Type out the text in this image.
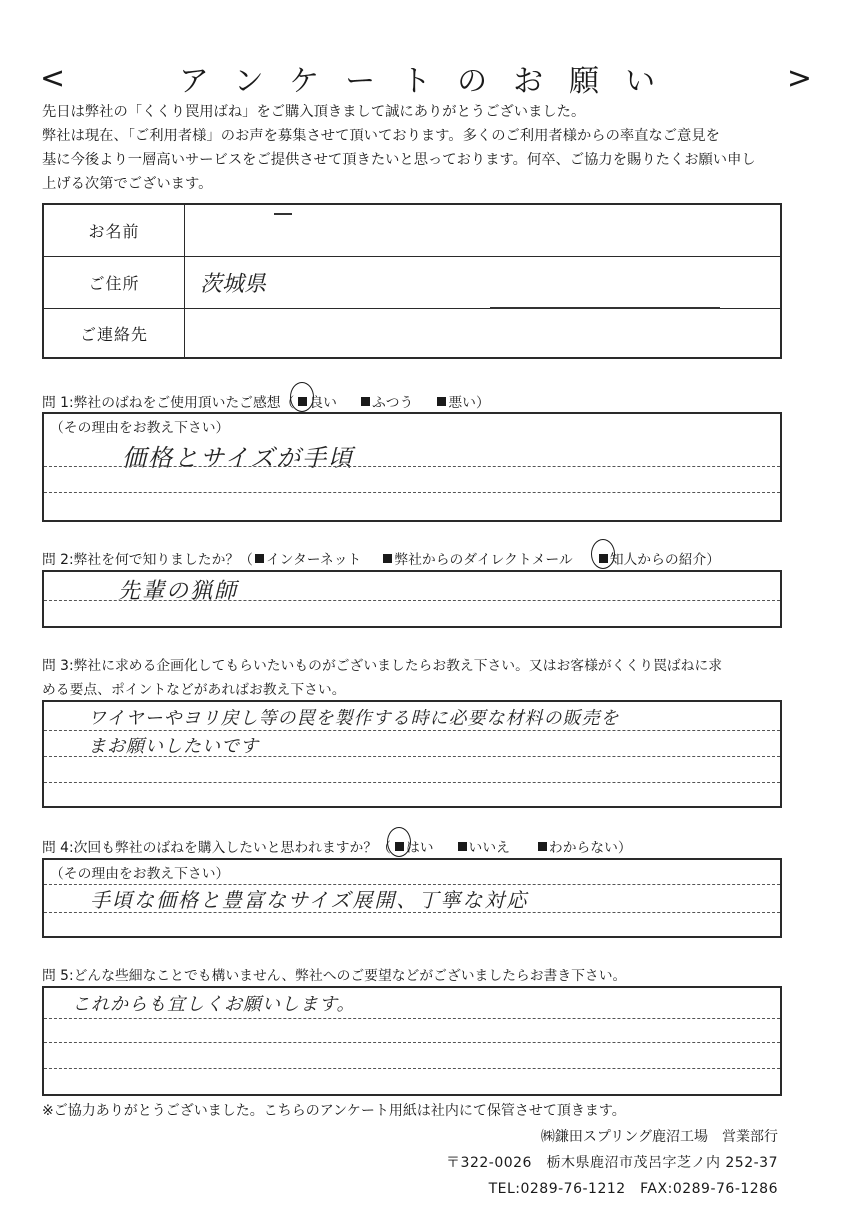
<	アンケートのお願い	>
先日は弊社の「くくり罠用ばね」をご購入頂きまして誠にありがとうございました。
弊社は現在、「ご利用者様」のお声を募集させて頂いております。多くのご利用者様からの率直なご意見を
基に今後より一層高いサービスをご提供させて頂きたいと思っております。何卒、ご協力を賜りたくお願い申し
上げる次第でございます。
お名前
ご住所	茨城県
ご連絡先
問 1:弊社のばねをご使用頂いたご感想（ 良い	ふつう	悪い ）
（その理由をお教え下さい）
価格とサイズが手頃
問 2:弊社を何で知りましたか？（ インターネット 弊社からのダイレクトメール	知人からの紹介 ）
先輩の猟師
問 3:弊社に求める企画化してもらいたいものがございましたらお教え下さい。又はお客様がくくり罠ばねに求
める要点、ポイントなどがあればお教え下さい。
ワイヤーやヨリ戻し等の罠を製作する時に必要な材料の販売を
まお願いしたいです
問 4:次回も弊社のばねを購入したいと思われますか？（ はい	いいえ	わからない ）
（その理由をお教え下さい）
手頃な価格と豊富なサイズ展開、丁寧な対応
問 5:どんな些細なことでも構いません、弊社へのご要望などがございましたらお書き下さい。
これからも宜しくお願いします。
※ご協力ありがとうございました。こちらのアンケート用紙は社内にて保管させて頂きます。
㈱鎌田スプリング鹿沼工場　営業部行
〒322-0026　栃木県鹿沼市茂呂字芝ノ内 252-37
TEL:0289-76-1212　FAX:0289-76-1286
